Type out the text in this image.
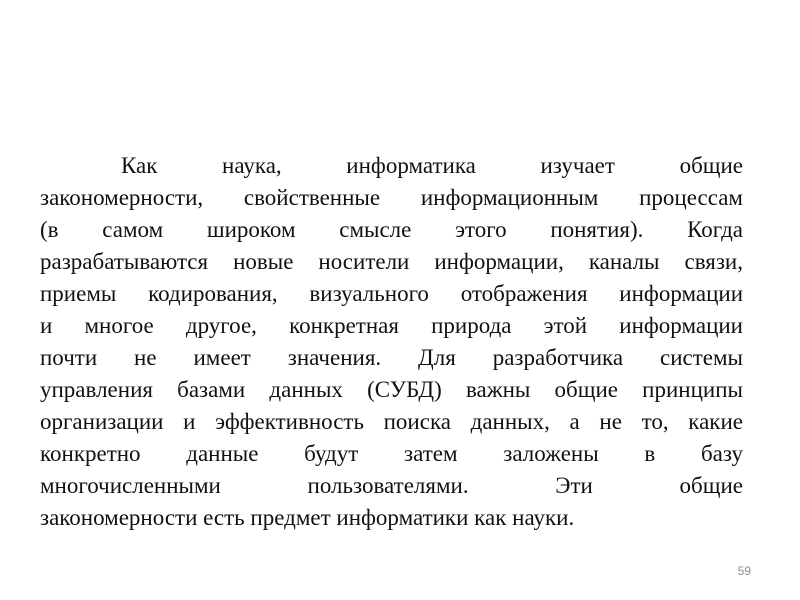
Как наука, информатика изучает общие
закономерности, свойственные информационным процессам
(в самом широком смысле этого понятия). Когда
разрабатываются новые носители информации, каналы связи,
приемы кодирования, визуального отображения информации
и многое другое, конкретная природа этой информации
почти не имеет значения. Для разработчика системы
управления базами данных (СУБД) важны общие принципы
организации и эффективность поиска данных, а не то, какие
конкретно данные будут затем заложены в базу
многочисленными пользователями. Эти общие
закономерности есть предмет информатики как науки.
59
